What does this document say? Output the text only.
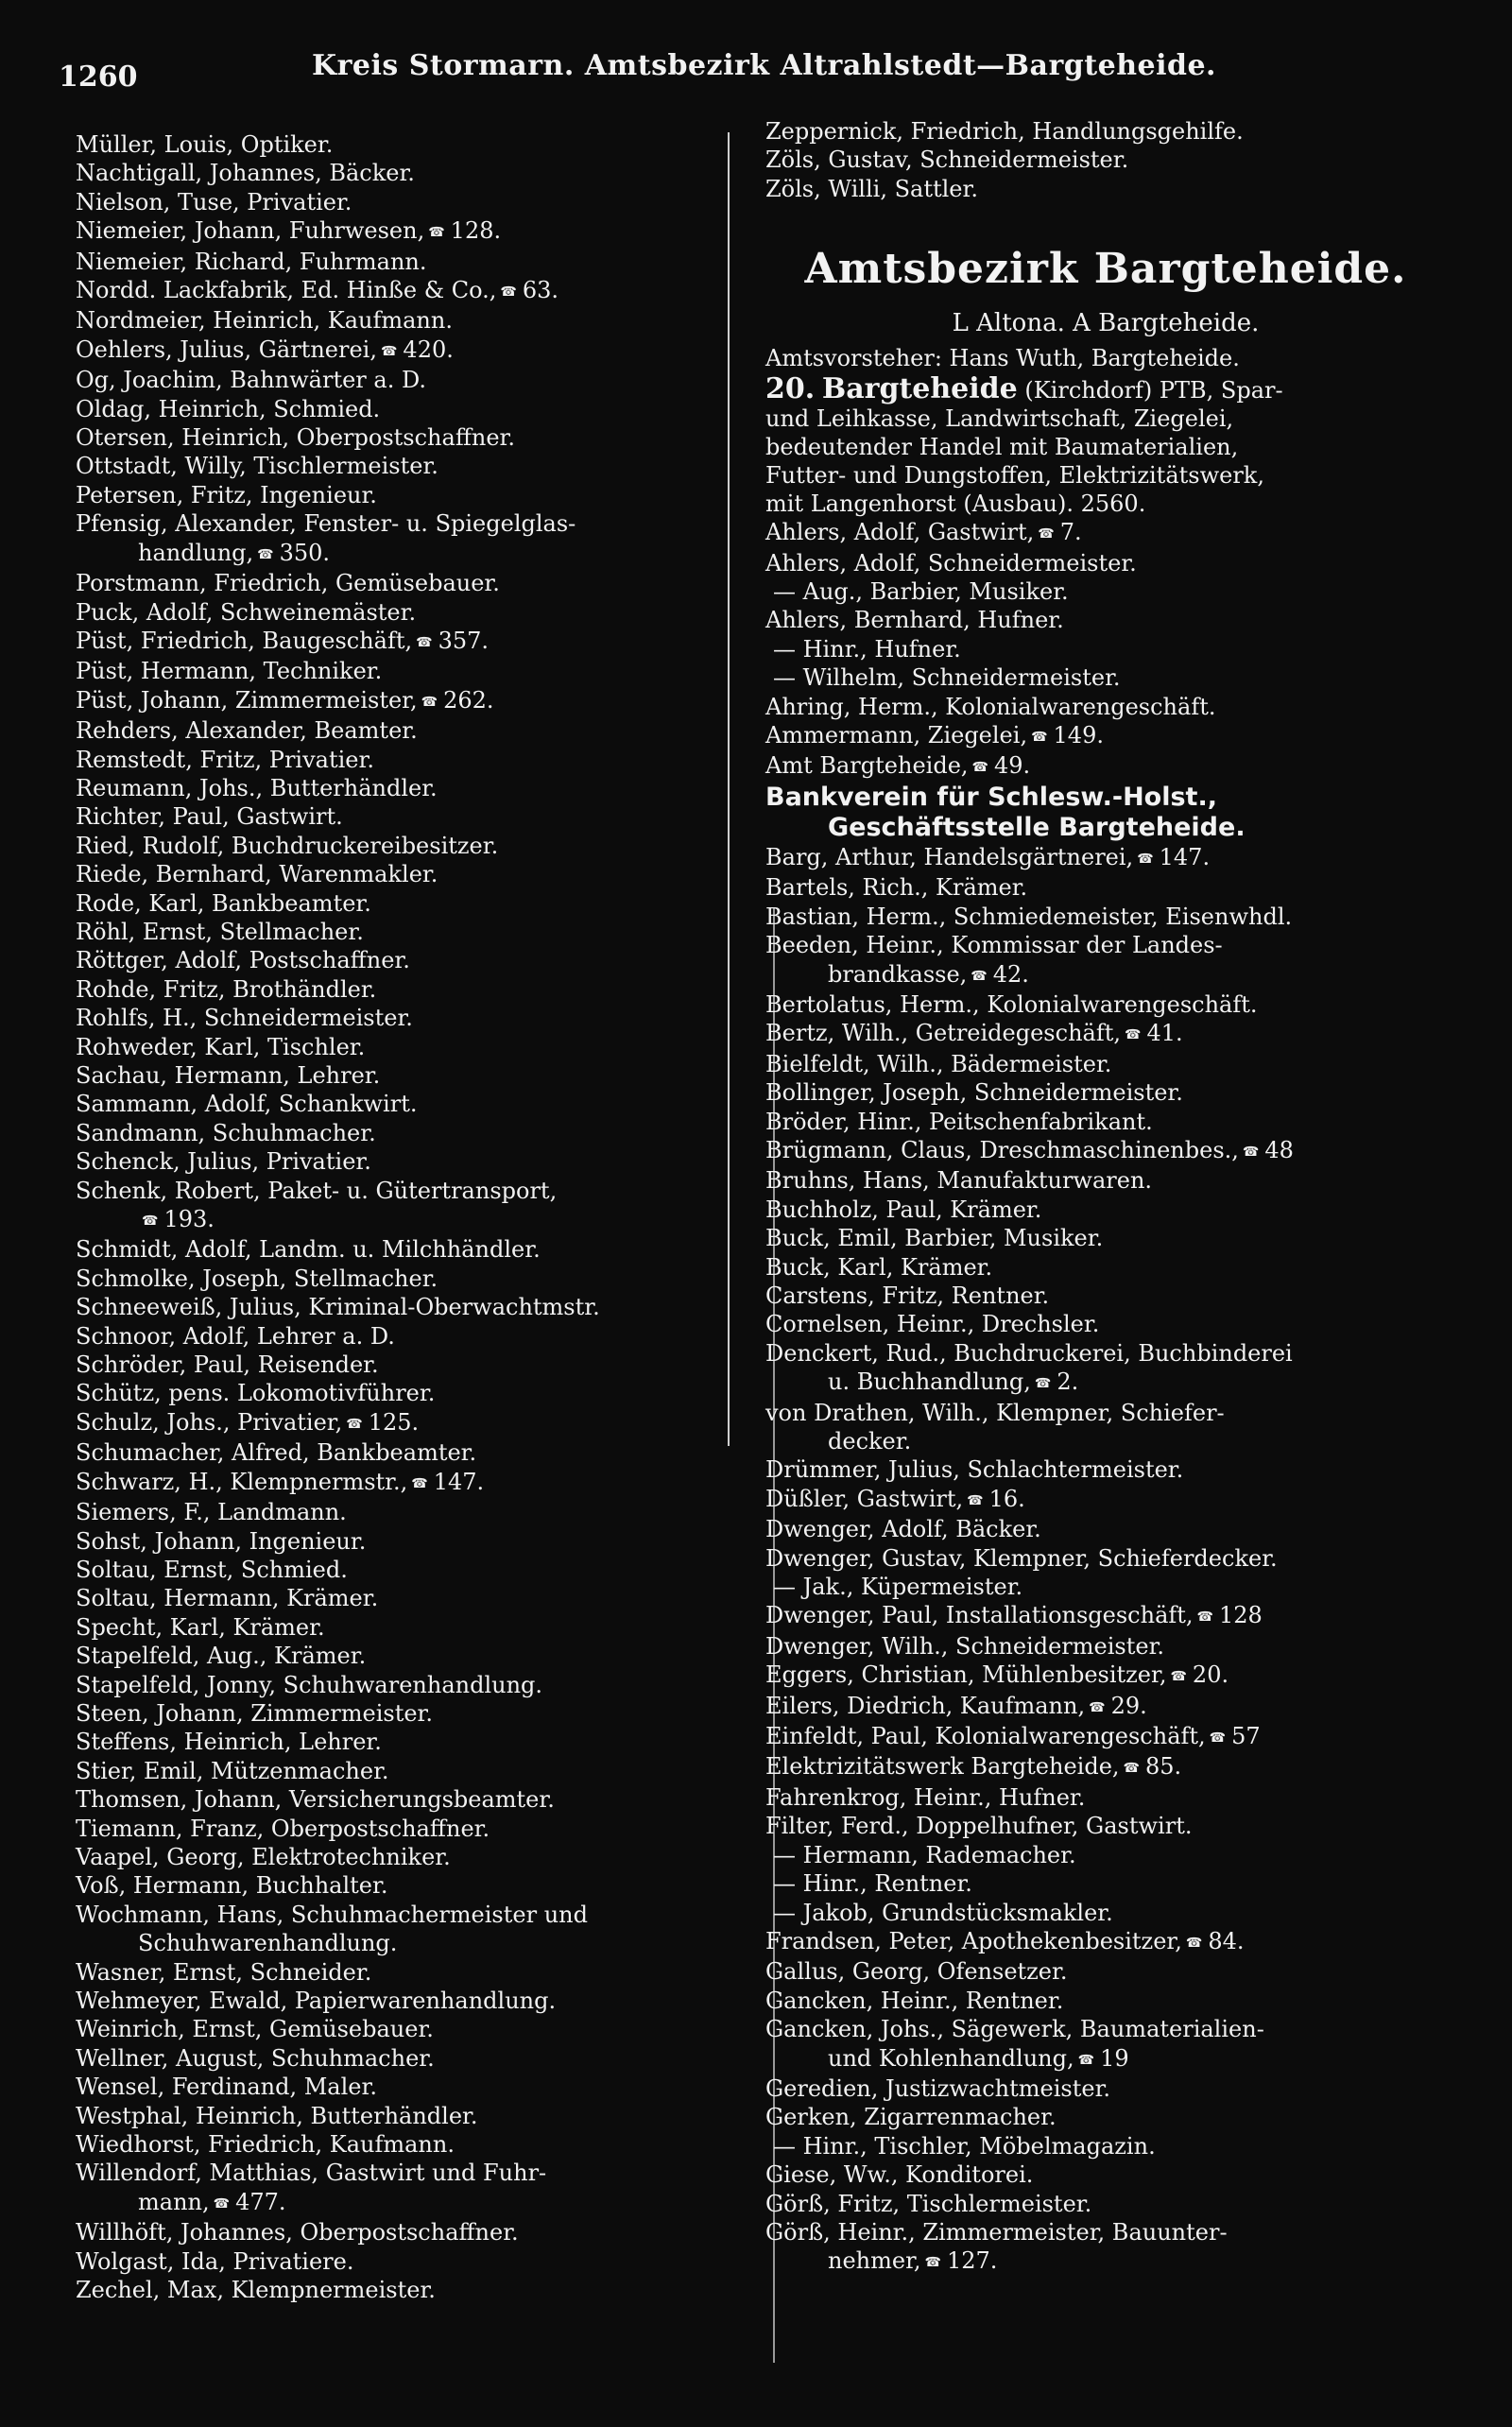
1260	Kreis Stormarn. Amtsbezirk Altrahlstedt—Bargteheide.
Müller, Louis, Optiker.
Nachtigall, Johannes, Bäcker.
Nielson, Tuse, Privatier.
Niemeier, Johann, Fuhrwesen, ☎ 128.
Niemeier, Richard, Fuhrmann.
Nordd. Lackfabrik, Ed. Hinße & Co., ☎ 63.
Nordmeier, Heinrich, Kaufmann.
Oehlers, Julius, Gärtnerei, ☎ 420.
Og, Joachim, Bahnwärter a. D.
Oldag, Heinrich, Schmied.
Otersen, Heinrich, Oberpostschaffner.
Ottstadt, Willy, Tischlermeister.
Petersen, Fritz, Ingenieur.
Pfensig, Alexander, Fenster- u. Spiegelglas-
handlung, ☎ 350.
Porstmann, Friedrich, Gemüsebauer.
Puck, Adolf, Schweinemäster.
Püst, Friedrich, Baugeschäft, ☎ 357.
Püst, Hermann, Techniker.
Püst, Johann, Zimmermeister, ☎ 262.
Rehders, Alexander, Beamter.
Remstedt, Fritz, Privatier.
Reumann, Johs., Butterhändler.
Richter, Paul, Gastwirt.
Ried, Rudolf, Buchdruckereibesitzer.
Riede, Bernhard, Warenmakler.
Rode, Karl, Bankbeamter.
Röhl, Ernst, Stellmacher.
Röttger, Adolf, Postschaffner.
Rohde, Fritz, Brothändler.
Rohlfs, H., Schneidermeister.
Rohweder, Karl, Tischler.
Sachau, Hermann, Lehrer.
Sammann, Adolf, Schankwirt.
Sandmann, Schuhmacher.
Schenck, Julius, Privatier.
Schenk, Robert, Paket- u. Gütertransport,
☎ 193.
Schmidt, Adolf, Landm. u. Milchhändler.
Schmolke, Joseph, Stellmacher.
Schneeweiß, Julius, Kriminal-Oberwachtmstr.
Schnoor, Adolf, Lehrer a. D.
Schröder, Paul, Reisender.
Schütz, pens. Lokomotivführer.
Schulz, Johs., Privatier, ☎ 125.
Schumacher, Alfred, Bankbeamter.
Schwarz, H., Klempnermstr., ☎ 147.
Siemers, F., Landmann.
Sohst, Johann, Ingenieur.
Soltau, Ernst, Schmied.
Soltau, Hermann, Krämer.
Specht, Karl, Krämer.
Stapelfeld, Aug., Krämer.
Stapelfeld, Jonny, Schuhwarenhandlung.
Steen, Johann, Zimmermeister.
Steffens, Heinrich, Lehrer.
Stier, Emil, Mützenmacher.
Thomsen, Johann, Versicherungsbeamter.
Tiemann, Franz, Oberpostschaffner.
Vaapel, Georg, Elektrotechniker.
Voß, Hermann, Buchhalter.
Wochmann, Hans, Schuhmachermeister und
Schuhwarenhandlung.
Wasner, Ernst, Schneider.
Wehmeyer, Ewald, Papierwarenhandlung.
Weinrich, Ernst, Gemüsebauer.
Wellner, August, Schuhmacher.
Wensel, Ferdinand, Maler.
Westphal, Heinrich, Butterhändler.
Wiedhorst, Friedrich, Kaufmann.
Willendorf, Matthias, Gastwirt und Fuhr-
mann, ☎ 477.
Willhöft, Johannes, Oberpostschaffner.
Wolgast, Ida, Privatiere.
Zechel, Max, Klempnermeister.
Zeppernick, Friedrich, Handlungsgehilfe.
Zöls, Gustav, Schneidermeister.
Zöls, Willi, Sattler.
Amtsbezirk Bargteheide.
L Altona. A Bargteheide.
Amtsvorsteher: Hans Wuth, Bargteheide.
20. Bargteheide (Kirchdorf) PTB, Spar-
und Leihkasse, Landwirtschaft, Ziegelei,
bedeutender Handel mit Baumaterialien,
Futter- und Dungstoffen, Elektrizitätswerk,
mit Langenhorst (Ausbau). 2560.
Ahlers, Adolf, Gastwirt, ☎ 7.
Ahlers, Adolf, Schneidermeister.
— Aug., Barbier, Musiker.
Ahlers, Bernhard, Hufner.
— Hinr., Hufner.
— Wilhelm, Schneidermeister.
Ahring, Herm., Kolonialwarengeschäft.
Ammermann, Ziegelei, ☎ 149.
Amt Bargteheide, ☎ 49.
Bankverein für Schlesw.-Holst.,
Geschäftsstelle Bargteheide.
Barg, Arthur, Handelsgärtnerei, ☎ 147.
Bartels, Rich., Krämer.
Bastian, Herm., Schmiedemeister, Eisenwhdl.
Beeden, Heinr., Kommissar der Landes-
brandkasse, ☎ 42.
Bertolatus, Herm., Kolonialwarengeschäft.
Bertz, Wilh., Getreidegeschäft, ☎ 41.
Bielfeldt, Wilh., Bädermeister.
Bollinger, Joseph, Schneidermeister.
Bröder, Hinr., Peitschenfabrikant.
Brügmann, Claus, Dreschmaschinenbes., ☎ 48
Bruhns, Hans, Manufakturwaren.
Buchholz, Paul, Krämer.
Buck, Emil, Barbier, Musiker.
Buck, Karl, Krämer.
Carstens, Fritz, Rentner.
Cornelsen, Heinr., Drechsler.
Denckert, Rud., Buchdruckerei, Buchbinderei
u. Buchhandlung, ☎ 2.
von Drathen, Wilh., Klempner, Schiefer-
decker.
Drümmer, Julius, Schlachtermeister.
Düßler, Gastwirt, ☎ 16.
Dwenger, Adolf, Bäcker.
Dwenger, Gustav, Klempner, Schieferdecker.
— Jak., Küpermeister.
Dwenger, Paul, Installationsgeschäft, ☎ 128
Dwenger, Wilh., Schneidermeister.
Eggers, Christian, Mühlenbesitzer, ☎ 20.
Eilers, Diedrich, Kaufmann, ☎ 29.
Einfeldt, Paul, Kolonialwarengeschäft, ☎ 57
Elektrizitätswerk Bargteheide, ☎ 85.
Fahrenkrog, Heinr., Hufner.
Filter, Ferd., Doppelhufner, Gastwirt.
— Hermann, Rademacher.
— Hinr., Rentner.
— Jakob, Grundstücksmakler.
Frandsen, Peter, Apothekenbesitzer, ☎ 84.
Gallus, Georg, Ofensetzer.
Gancken, Heinr., Rentner.
Gancken, Johs., Sägewerk, Baumaterialien-
und Kohlenhandlung, ☎ 19
Geredien, Justizwachtmeister.
Gerken, Zigarrenmacher.
— Hinr., Tischler, Möbelmagazin.
Giese, Ww., Konditorei.
Görß, Fritz, Tischlermeister.
Görß, Heinr., Zimmermeister, Bauunter-
nehmer, ☎ 127.
